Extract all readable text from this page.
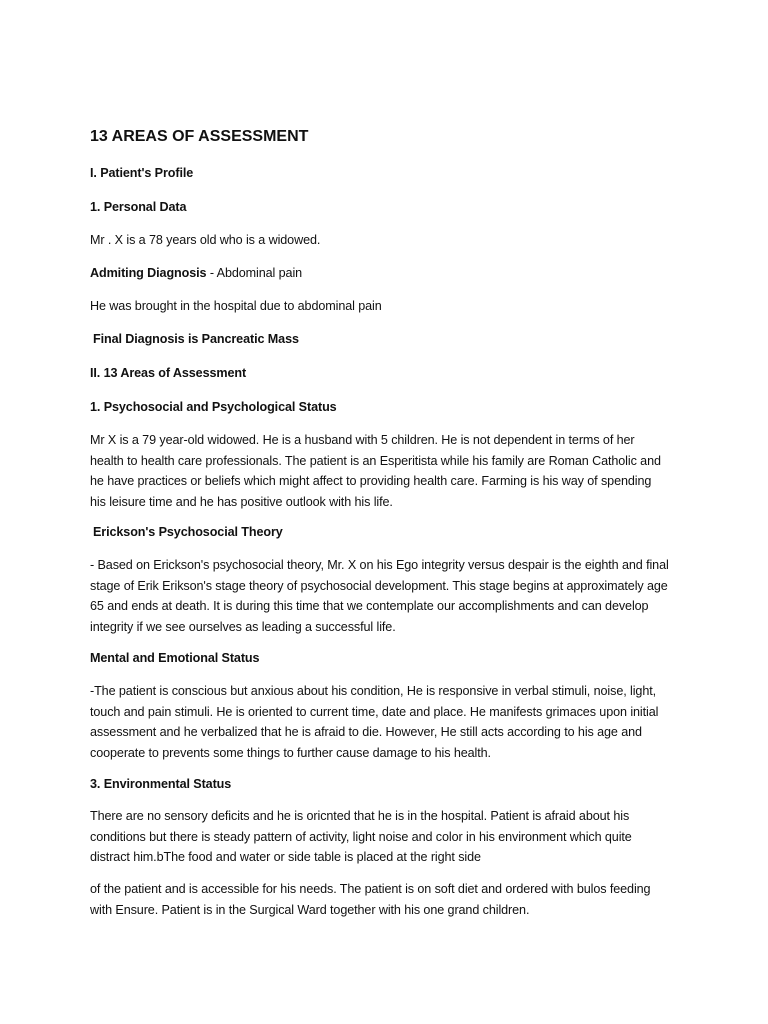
13 AREAS OF ASSESSMENT

I. Patient's Profile

1. Personal Data

Mr . X is a 78 years old who is a widowed.

Admiting Diagnosis - Abdominal pain

He was brought in the hospital due to abdominal pain

Final Diagnosis is Pancreatic Mass

II. 13 Areas of Assessment

1. Psychosocial and Psychological Status

Mr X is a 79 year-old widowed. He is a husband with 5 children. He is not dependent in terms of her
health to health care professionals. The patient is an Esperitista while his family are Roman Catholic and
he have practices or beliefs which might affect to providing health care. Farming is his way of spending
his leisure time and he has positive outlook with his life.

Erickson's Psychosocial Theory

- Based on Erickson's psychosocial theory, Mr. X on his Ego integrity versus despair is the eighth and final
stage of Erik Erikson's stage theory of psychosocial development. This stage begins at approximately age
65 and ends at death. It is during this time that we contemplate our accomplishments and can develop
integrity if we see ourselves as leading a successful life.

Mental and Emotional Status

-The patient is conscious but anxious about his condition, He is responsive in verbal stimuli, noise, light,
touch and pain stimuli. He is oriented to current time, date and place. He manifests grimaces upon initial
assessment and he verbalized that he is afraid to die. However, He still acts according to his age and
cooperate to prevents some things to further cause damage to his health.

3. Environmental Status

There are no sensory deficits and he is oricnted that he is in the hospital. Patient is afraid about his
conditions but there is steady pattern of activity, light noise and color in his environment which quite
distract him.bThe food and water or side table is placed at the right side
of the patient and is accessible for his needs. The patient is on soft diet and ordered with bulos feeding
with Ensure. Patient is in the Surgical Ward together with his one grand children.
